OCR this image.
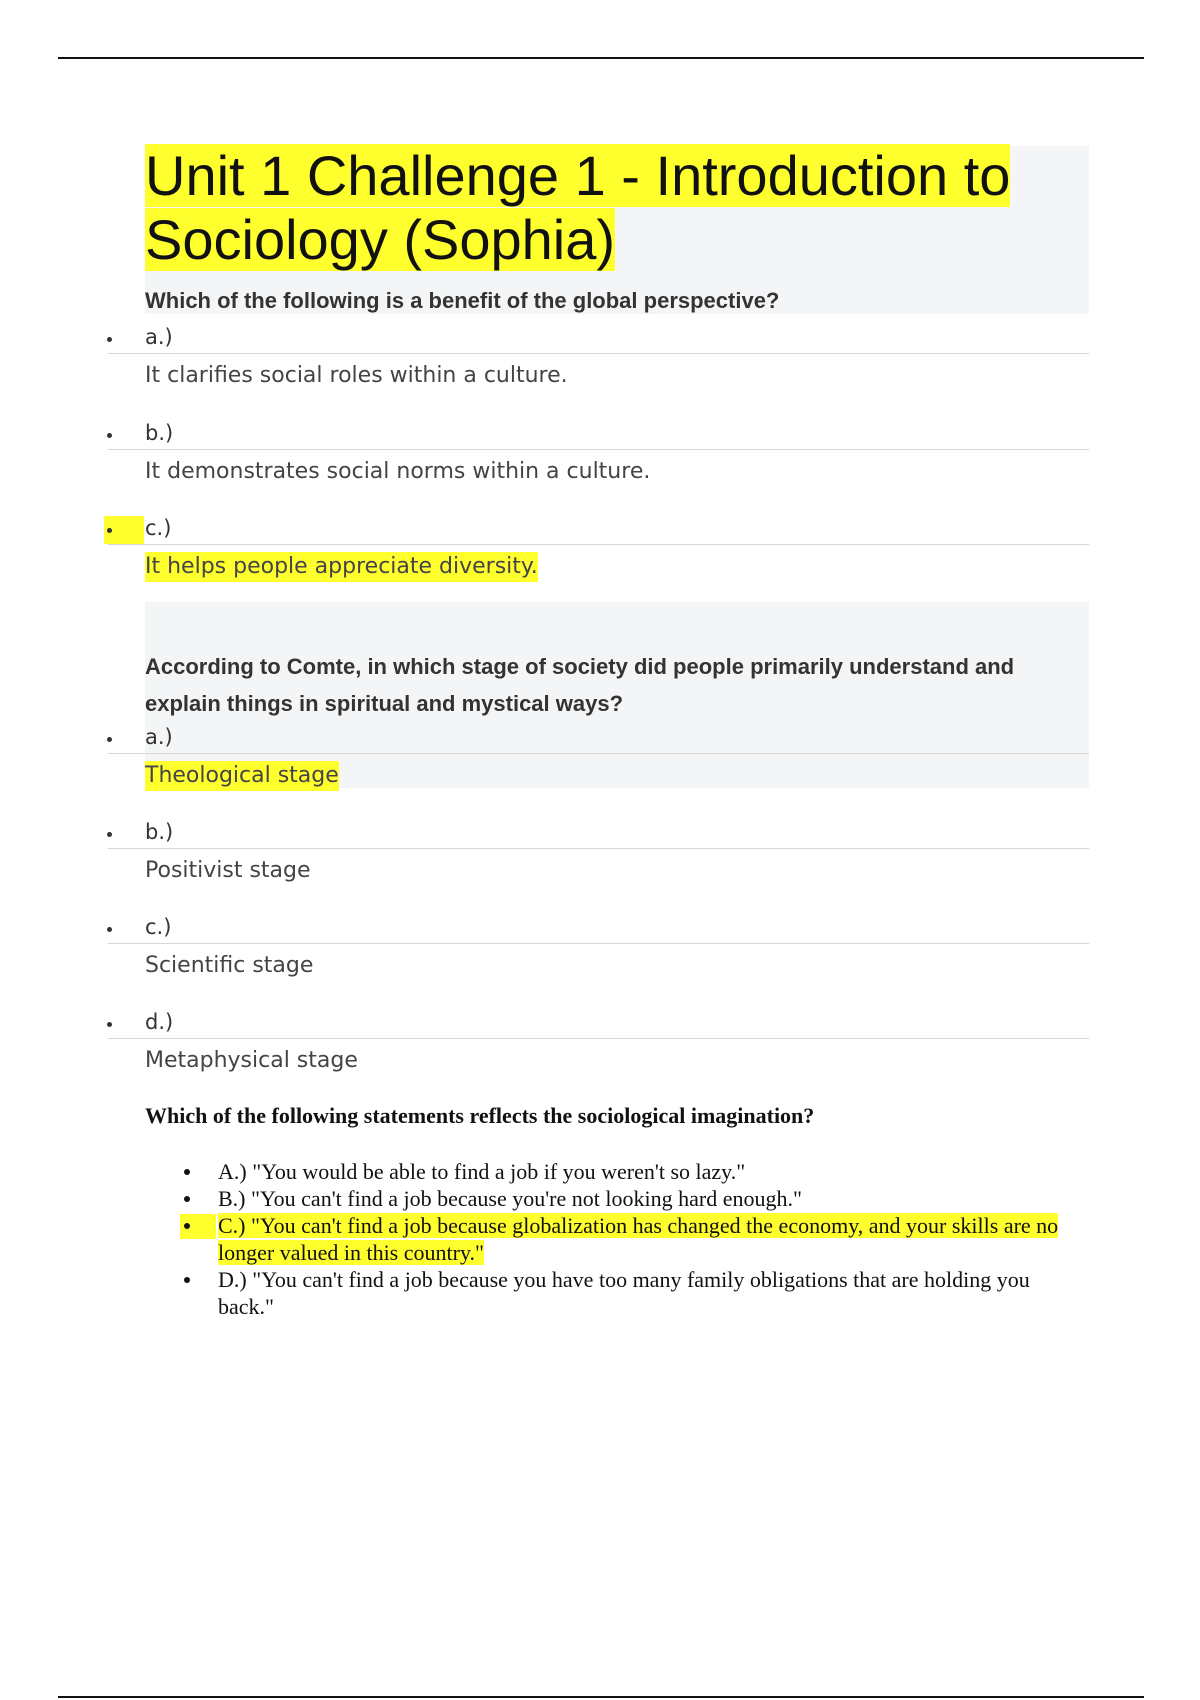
Unit 1 Challenge 1 - Introduction to Sociology (Sophia)

Which of the following is a benefit of the global perspective?

a.)
It clarifies social roles within a culture.
b.)
It demonstrates social norms within a culture.
c.)
It helps people appreciate diversity.

According to Comte, in which stage of society did people primarily understand and explain things in spiritual and mystical ways?

a.)
Theological stage
b.)
Positivist stage
c.)
Scientific stage
d.)
Metaphysical stage

Which of the following statements reflects the sociological imagination?

A.) "You would be able to find a job if you weren't so lazy."
B.) "You can't find a job because you're not looking hard enough."
C.) "You can't find a job because globalization has changed the economy, and your skills are no longer valued in this country."
D.) "You can't find a job because you have too many family obligations that are holding you back."
